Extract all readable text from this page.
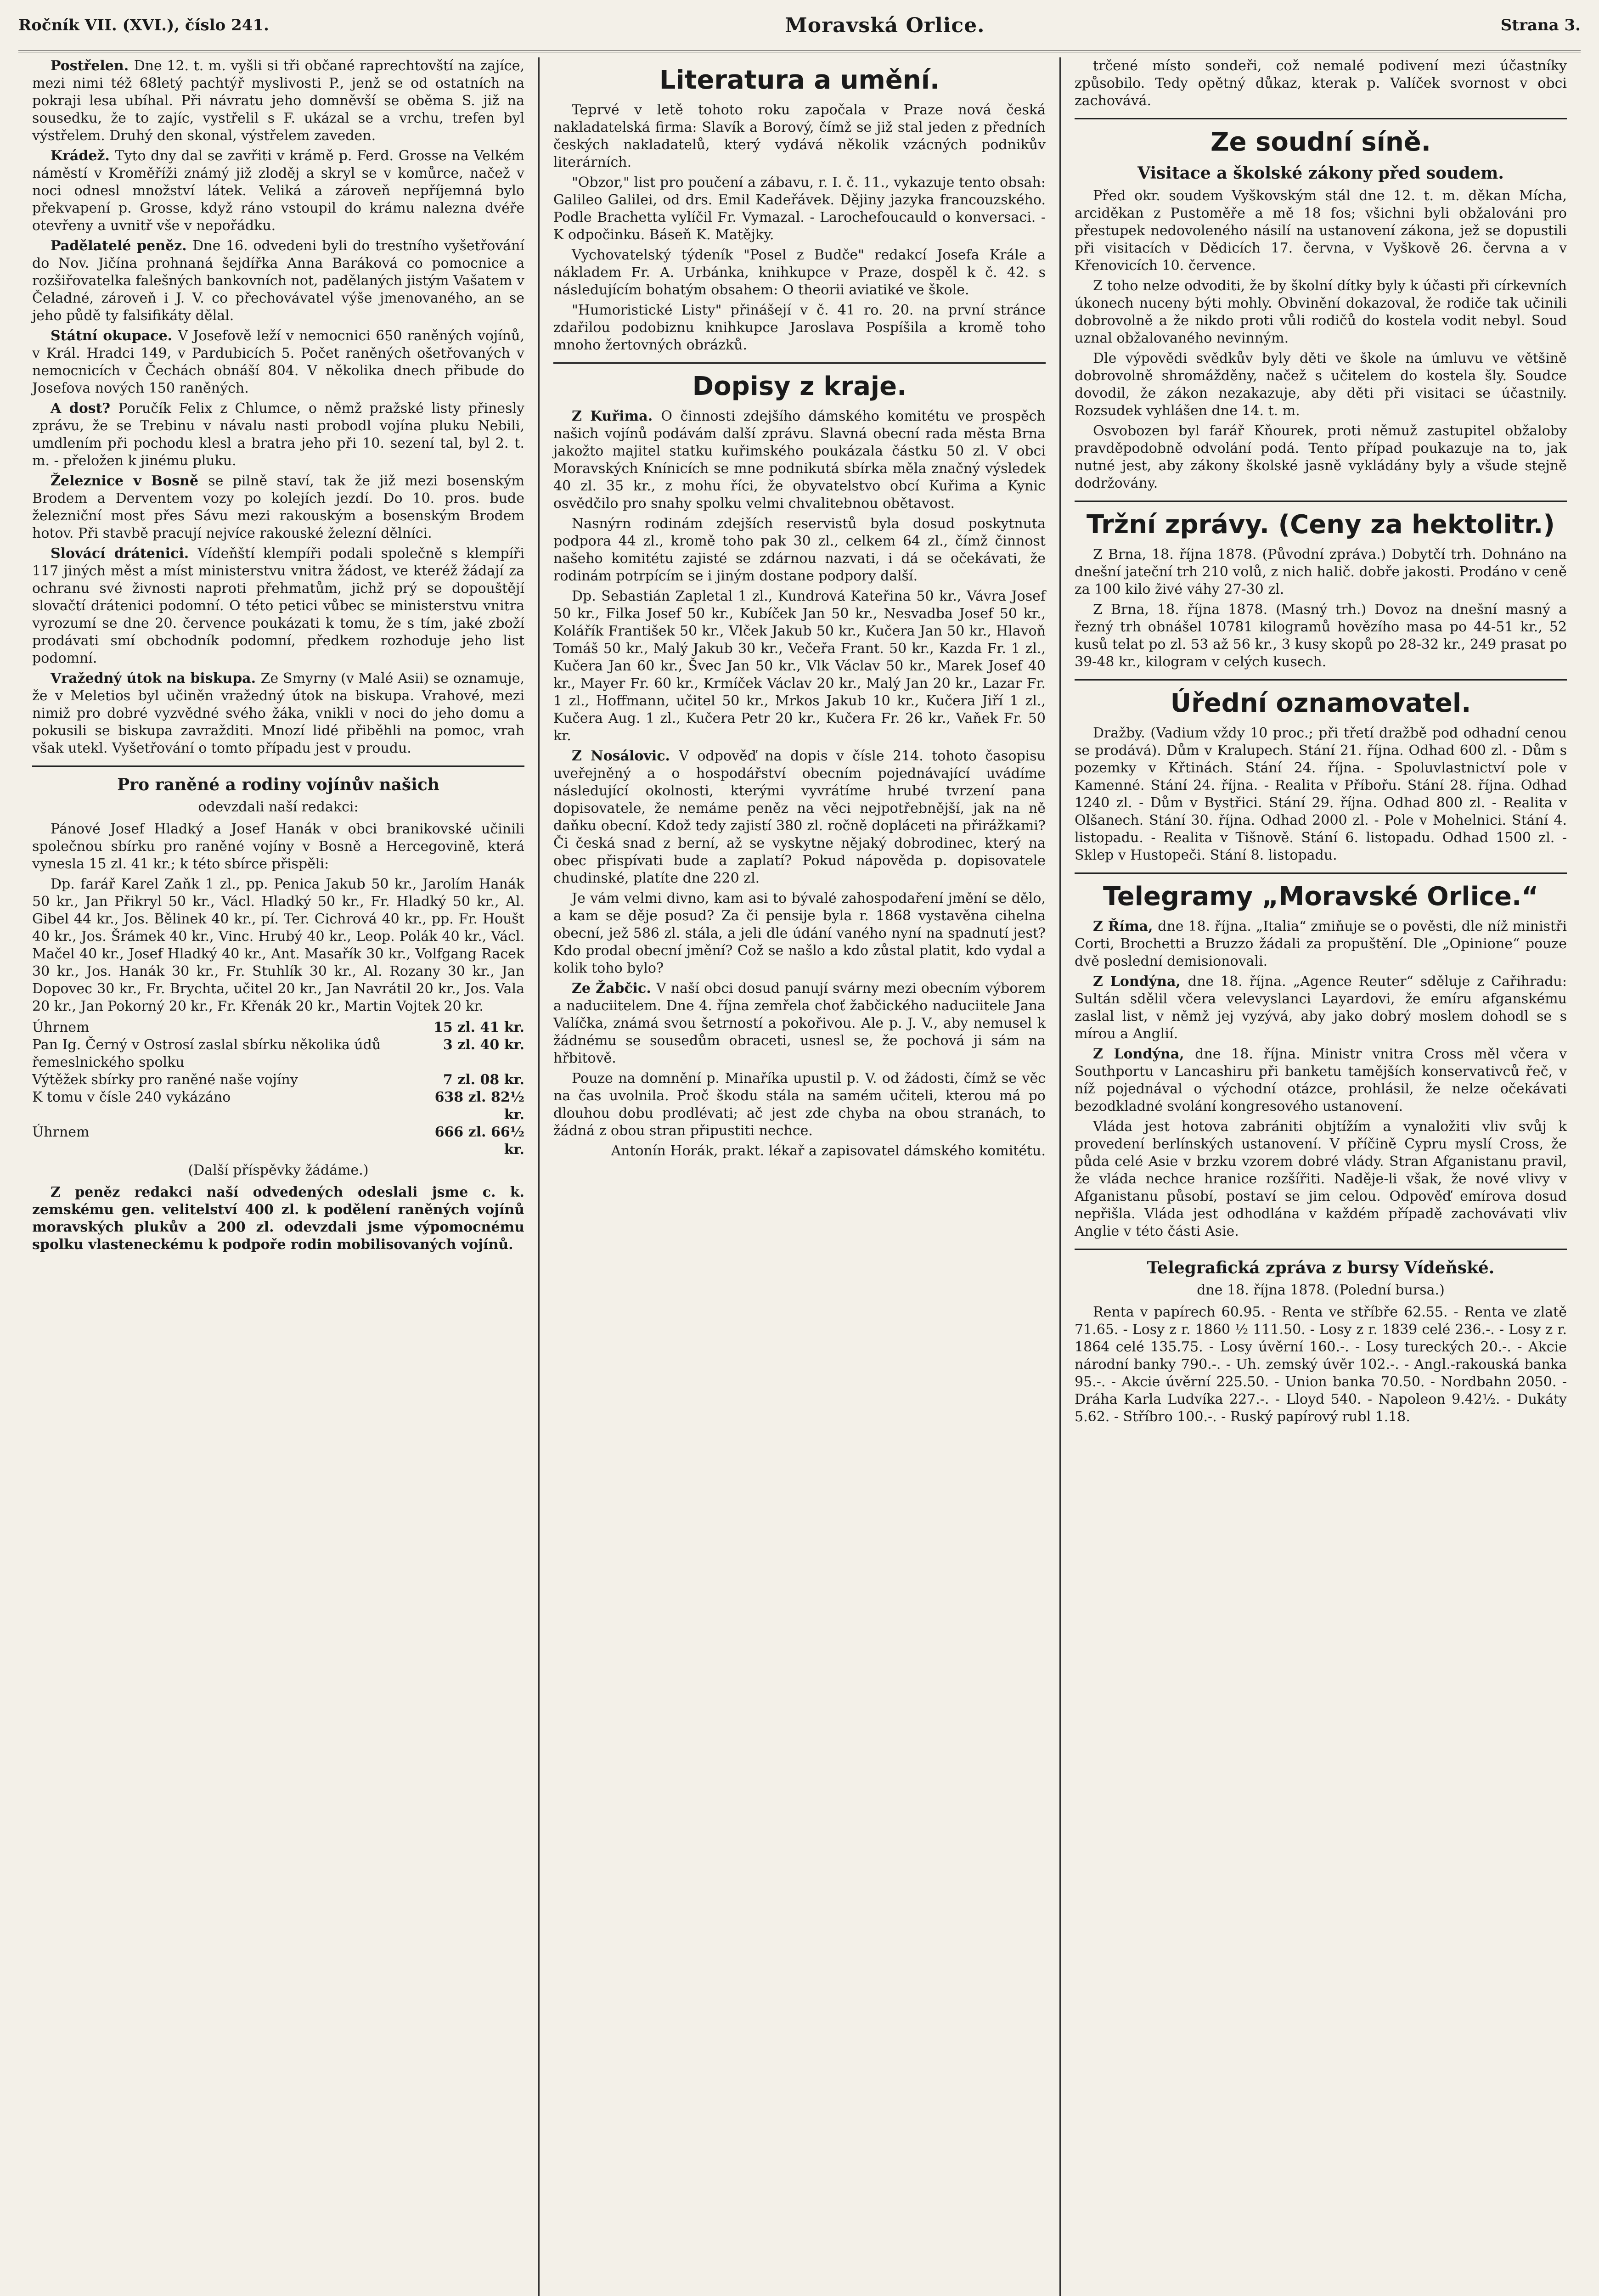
Ročník VII. (XVI.), číslo 241.	Moravská Orlice.	Strana 3.

Postřelen. Dne 12. t. m. vyšli si tři občané raprechtovští na zajíce, mezi nimi též 68letý pachtýř myslivosti P., jenž se od ostatních na pokraji lesa ubíhal. Při návratu jeho domněvší se oběma S. již na sousedku, že to zajíc, vystřelil s F. ukázal se a vrchu, trefen byl výstřelem. Druhý den skonal, výstřelem zaveden.

Krádež. Tyto dny dal se zavřiti v krámě p. Ferd. Grosse na Velkém náměstí v Kroměříži známý již zloděj a skryl se v komůrce, načež v noci odnesl množství látek. Veliká a zároveň nepříjemná bylo překvapení p. Grosse, když ráno vstoupil do krámu nalezna dvéře otevřeny a uvnitř vše v nepořádku.

Padělatelé peněz. Dne 16. odvedeni byli do trestního vyšetřování do Nov. Jičína prohnaná šejdířka Anna Baráková co pomocnice a rozšiřovatelka falešných bankovních not, padělaných jistým Vašatem v Čeladné, zároveň i J. V. co přechovávatel výše jmenovaného, an se jeho půdě ty falsifikáty dělal.

Státní okupace. V Josefově leží v nemocnici 650 raněných vojínů, v Král. Hradci 149, v Pardubicích 5. Počet raněných ošetřovaných v nemocnicích v Čechách obnáší 804. V několika dnech přibude do Josefova nových 150 raněných.

A dost? Poručík Felix z Chlumce, o němž pražské listy přinesly zprávu, že se Trebinu v návalu nasti probodl vojína pluku Nebili, umdlením při pochodu klesl a bratra jeho při 10. sezení tal, byl 2. t. m. - přeložen k jinému pluku.

Železnice v Bosně se pilně staví, tak že již mezi bosenským Brodem a Derventem vozy po kolejích jezdí. Do 10. pros. bude železniční most přes Sávu mezi rakouským a bosenským Brodem hotov. Při stavbě pracují nejvíce rakouské železní dělníci.

Slovácí drátenici. Vídeňští klempíři podali společně s klempíři 117 jiných měst a míst ministerstvu vnitra žádost, ve kteréž žádají za ochranu své živnosti naproti přehmatům, jichž prý se dopouštějí slovačtí drátenici podomní. O této petici vůbec se ministerstvu vnitra vyrozumí se dne 20. července poukázati k tomu, že s tím, jaké zboží prodávati smí obchodník podomní, předkem rozhoduje jeho list podomní.

Vražedný útok na biskupa. Ze Smyrny (v Malé Asii) se oznamuje, že v Meletios byl učiněn vražedný útok na biskupa. Vrahové, mezi nimiž pro dobré vyzvědné svého žáka, vnikli v noci do jeho domu a pokusili se biskupa zavražditi. Mnozí lidé přiběhli na pomoc, vrah však utekl. Vyšetřování o tomto případu jest v proudu.

Pro raněné a rodiny vojínův našich
odevzdali naší redakci:

Pánové Josef Hladký a Josef Hanák v obci branikovské učinili společnou sbírku pro raněné vojíny v Bosně a Hercegovině, která vynesla 15 zl. 41 kr.; k této sbírce přispěli:

Dp. farář Karel Zaňk 1 zl., pp. Penica Jakub 50 kr., Jarolím Hanák 50 kr., Jan Přikryl 50 kr., Václ. Hladký 50 kr., Fr. Hladký 50 kr., Al. Gibel 44 kr., Jos. Bělinek 40 kr., pí. Ter. Cichrová 40 kr., pp. Fr. Houšt 40 kr., Jos. Šrámek 40 kr., Vinc. Hrubý 40 kr., Leop. Polák 40 kr., Václ. Mačel 40 kr., Josef Hladký 40 kr., Ant. Masařík 30 kr., Volfgang Racek 30 kr., Jos. Hanák 30 kr., Fr. Stuhlík 30 kr., Al. Rozany 30 kr., Jan Dopovec 30 kr., Fr. Brychta, učitel 20 kr., Jan Navrátil 20 kr., Jos. Vala 20 kr., Jan Pokorný 20 kr., Fr. Křenák 20 kr., Martin Vojtek 20 kr.

Úhrnem	15 zl. 41 kr.
Pan Ig. Černý v Ostrosí zaslal sbírku několika údů řemeslnického spolku
3 zl. 40 kr.
Výtěžek sbírky pro raněné naše vojíny	7 zl. 08 kr.
K tomu v čísle 240 vykázáno	638 zl. 82½ kr.
Úhrnem	666 zl. 66½ kr.
(Další příspěvky žádáme.)

Z peněz redakci naší odvedených odeslali jsme c. k. zemskému gen. velitelství 400 zl. k podělení raněných vojínů moravských plukův a 200 zl. odevzdali jsme výpomocnému spolku vlasteneckému k podpoře rodin mobilisovaných vojínů.

Literatura a umění.

Teprvé v letě tohoto roku započala v Praze nová česká nakladatelská firma: Slavík a Borový, čímž se již stal jeden z předních českých nakladatelů, který vydává několik vzácných podnikův literárních.

"Obzor," list pro poučení a zábavu, r. I. č. 11., vykazuje tento obsah: Galileo Galilei, od drs. Emil Kadeřávek. Dějiny jazyka francouzského. Podle Brachetta vylíčil Fr. Vymazal. - Larochefoucauld o konversaci. - K odpočinku. Báseň K. Matějky.

Vychovatelský týdeník "Posel z Budče" redakcí Josefa Krále a nákladem Fr. A. Urbánka, knihkupce v Praze, dospěl k č. 42. s následujícím bohatým obsahem: O theorii aviatiké ve škole.

"Humoristické Listy" přinášejí v č. 41 ro. 20. na první stránce zdařilou podobiznu knihkupce Jaroslava Pospíšila a kromě toho mnoho žertovných obrázků.

Dopisy z kraje.

Z Kuřima. O činnosti zdejšího dámského komitétu ve prospěch našich vojínů podávám další zprávu. Slavná obecní rada města Brna jakožto majitel statku kuřimského poukázala částku 50 zl. V obci Moravských Knínicích se mne podnikutá sbírka měla značný výsledek 40 zl. 35 kr., z mohu říci, že obyvatelstvo obcí Kuřima a Kynic osvědčilo pro snahy spolku velmi chvalitebnou obětavost.

Nasnýrn rodinám zdejších reservistů byla dosud poskytnuta podpora 44 zl., kromě toho pak 30 zl., celkem 64 zl., čímž činnost našeho komitétu zajisté se zdárnou nazvati, i dá se očekávati, že rodinám potrpícím se i jiným dostane podpory další.

Dp. Sebastián Zapletal 1 zl., Kundrová Kateřina 50 kr., Vávra Josef 50 kr., Filka Josef 50 kr., Kubíček Jan 50 kr., Nesvadba Josef 50 kr., Kolářík František 50 kr., Vlček Jakub 50 kr., Kučera Jan 50 kr., Hlavoň Tomáš 50 kr., Malý Jakub 30 kr., Večeřa Frant. 50 kr., Kazda Fr. 1 zl., Kučera Jan 60 kr., Švec Jan 50 kr., Vlk Václav 50 kr., Marek Josef 40 kr., Mayer Fr. 60 kr., Krmíček Václav 20 kr., Malý Jan 20 kr., Lazar Fr. 1 zl., Hoffmann, učitel 50 kr., Mrkos Jakub 10 kr., Kučera Jiří 1 zl., Kučera Aug. 1 zl., Kučera Petr 20 kr., Kučera Fr. 26 kr., Vaňek Fr. 50 kr.

Z Nosálovic. V odpověď na dopis v čísle 214. tohoto časopisu uveřejněný a o hospodářství obecním pojednávající uvádíme následující okolnosti, kterými vyvrátíme hrubé tvrzení pana dopisovatele, že nemáme peněz na věci nejpotřebnější, jak na ně daňku obecní. Kdož tedy zajistí 380 zl. ročně dopláceti na přirážkami? Či česká snad z berní, až se vyskytne nějaký dobrodinec, který na obec přispívati bude a zaplatí? Pokud nápověda p. dopisovatele chudinské, platíte dne 220 zl.

Je vám velmi divno, kam asi to bývalé zahospodaření jmění se dělo, a kam se děje posud? Za či pensije byla r. 1868 vystavěna cihelna obecní, jež 586 zl. stála, a jeli dle údání vaného nyní na spadnutí jest? Kdo prodal obecní jmění? Což se našlo a kdo zůstal platit, kdo vydal a kolik toho bylo?

Ze Žabčic. V naší obci dosud panují svárny mezi obecním výborem a naduciitelem. Dne 4. října zemřela choť žabčického naduciitele Jana Valíčka, známá svou šetrností a pokořivou. Ale p. J. V., aby nemusel k žádnému se sousedům obraceti, usnesl se, že pochová ji sám na hřbitově.

Pouze na domnění p. Minaříka upustil p. V. od žádosti, čímž se věc na čas uvolnila. Proč škodu stála na samém učiteli, kterou má po dlouhou dobu prodlévati; ač jest zde chyba na obou stranách, to žádná z obou stran připustiti nechce.

Antonín Horák, prakt. lékař a zapisovatel dámského komitétu.

trčené místo sondeři, což nemalé podivení mezi účastníky způsobilo. Tedy opětný důkaz, kterak p. Valíček svornost v obci zachovává.

Ze soudní síně.
Visitace a školské zákony před soudem.

Před okr. soudem Vyškovským stál dne 12. t. m. děkan Mícha, arciděkan z Pustoměře a mě 18 fos; všichni byli obžalováni pro přestupek nedovoleného násilí na ustanovení zákona, jež se dopustili při visitacích v Dědicích 17. června, v Vyškově 26. června a v Křenovicích 10. července.

Z toho nelze odvoditi, že by školní dítky byly k účasti při církevních úkonech nuceny býti mohly. Obvinění dokazoval, že rodiče tak učinili dobrovolně a že nikdo proti vůli rodičů do kostela vodit nebyl. Soud uznal obžalovaného nevinným.

Dle výpovědi svědkův byly děti ve škole na úmluvu ve většině dobrovolně shromážděny, načež s učitelem do kostela šly. Soudce dovodil, že zákon nezakazuje, aby děti při visitaci se účastnily. Rozsudek vyhlášen dne 14. t. m.

Osvobozen byl farář Kňourek, proti němuž zastupitel obžaloby pravděpodobně odvolání podá. Tento případ poukazuje na to, jak nutné jest, aby zákony školské jasně vykládány byly a všude stejně dodržovány.

Tržní zprávy. (Ceny za hektolitr.)

Z Brna, 18. října 1878. (Původní zpráva.) Dobytčí trh. Dohnáno na dnešní jateční trh 210 volů, z nich halič. dobře jakosti. Prodáno v ceně za 100 kilo živé váhy 27-30 zl.

Z Brna, 18. října 1878. (Masný trh.) Dovoz na dnešní masný a řezný trh obnášel 10781 kilogramů hovězího masa po 44-51 kr., 52 kusů telat po zl. 53 až 56 kr., 3 kusy skopů po 28-32 kr., 249 prasat po 39-48 kr., kilogram v celých kusech.

Úřední oznamovatel.

Dražby. (Vadium vždy 10 proc.; při třetí dražbě pod odhadní cenou se prodává). Dům v Kralupech. Stání 21. října. Odhad 600 zl. - Dům s pozemky v Křtinách. Stání 24. října. - Spoluvlastnictví pole v Kamenné. Stání 24. října. - Realita v Příbořu. Stání 28. října. Odhad 1240 zl. - Dům v Bystřici. Stání 29. října. Odhad 800 zl. - Realita v Olšanech. Stání 30. října. Odhad 2000 zl. - Pole v Mohelnici. Stání 4. listopadu. - Realita v Tišnově. Stání 6. listopadu. Odhad 1500 zl. - Sklep v Hustopeči. Stání 8. listopadu.

Telegramy „Moravské Orlice.“

Z Říma, dne 18. října. „Italia“ zmiňuje se o pověsti, dle níž ministři Corti, Brochetti a Bruzzo žádali za propuštění. Dle „Opinione“ pouze dvě poslední demisionovali.

Z Londýna, dne 18. října. „Agence Reuter“ sděluje z Cařihradu: Sultán sdělil včera velevyslanci Layardovi, že emíru afganskému zaslal list, v němž jej vyzývá, aby jako dobrý moslem dohodl se s mírou a Anglií.

Z Londýna, dne 18. října. Ministr vnitra Cross měl včera v Southportu v Lancashiru při banketu tamějších konservativců řeč, v níž pojednával o východní otázce, prohlásil, že nelze očekávati bezodkladné svolání kongresového ustanovení.

Vláda jest hotova zabrániti objtížím a vynaložiti vliv svůj k provedení berlínských ustanovení. V příčině Cypru myslí Cross, že půda celé Asie v brzku vzorem dobré vlády. Stran Afganistanu pravil, že vláda nechce hranice rozšířiti. Naděje-li však, že nové vlivy v Afganistanu působí, postaví se jim celou. Odpověď emírova dosud nepřišla. Vláda jest odhodlána v každém případě zachovávati vliv Anglie v této části Asie.

Telegrafická zpráva z bursy Vídeňské.
dne 18. října 1878. (Polední bursa.)

Renta v papírech 60.95. - Renta ve stříbře 62.55. - Renta ve zlatě 71.65. - Losy z r. 1860 ½ 111.50. - Losy z r. 1839 celé 236.-. - Losy z r. 1864 celé 135.75. - Losy úvěrní 160.-. - Losy tureckých 20.-. - Akcie národní banky 790.-. - Uh. zemský úvěr 102.-. - Angl.-rakouská banka 95.-. - Akcie úvěrní 225.50. - Union banka 70.50. - Nordbahn 2050. - Dráha Karla Ludvíka 227.-. - Lloyd 540. - Napoleon 9.42½. - Dukáty 5.62. - Stříbro 100.-. - Ruský papírový rubl 1.18.
